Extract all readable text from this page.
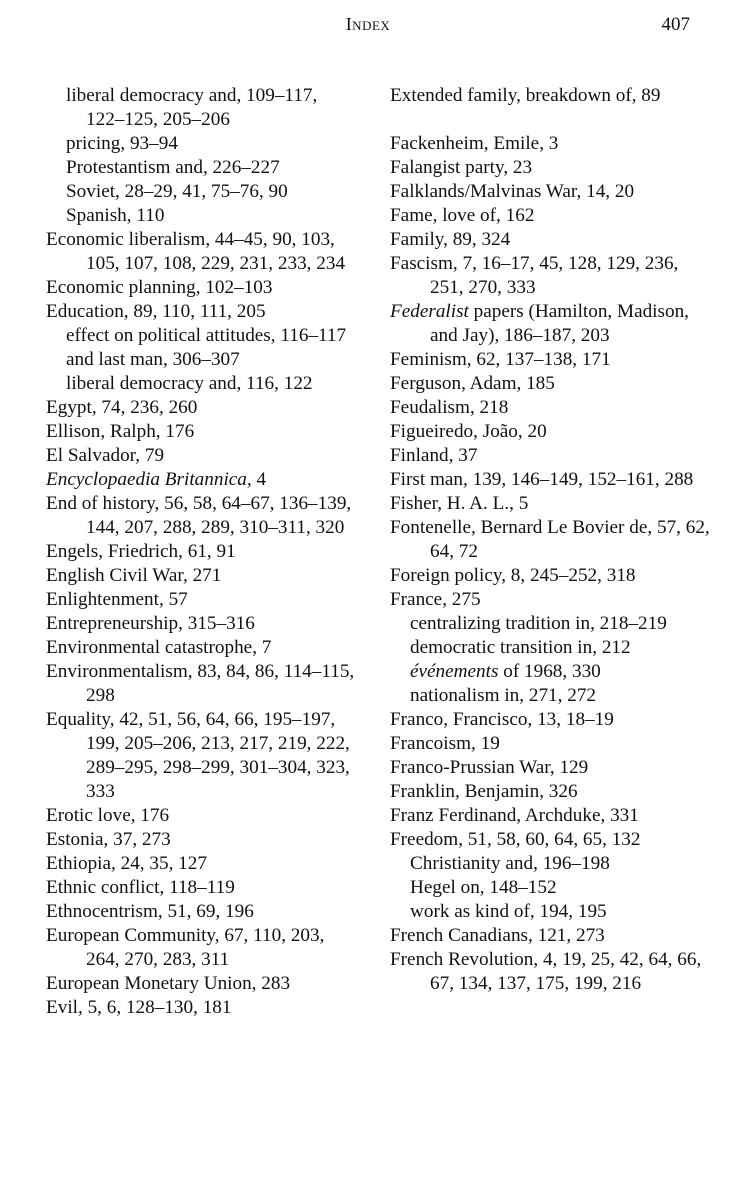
Index	407

liberal democracy and, 109–117, 122–125, 205–206

pricing, 93–94

Protestantism and, 226–227

Soviet, 28–29, 41, 75–76, 90

Spanish, 110

Economic liberalism, 44–45, 90, 103, 105, 107, 108, 229, 231, 233, 234

Economic planning, 102–103

Education, 89, 110, 111, 205

effect on political attitudes, 116–117

and last man, 306–307

liberal democracy and, 116, 122

Egypt, 74, 236, 260

Ellison, Ralph, 176

El Salvador, 79

Encyclopaedia Britannica, 4

End of history, 56, 58, 64–67, 136–139, 144, 207, 288, 289, 310–311, 320

Engels, Friedrich, 61, 91

English Civil War, 271

Enlightenment, 57

Entrepreneurship, 315–316

Environmental catastrophe, 7

Environmentalism, 83, 84, 86, 114–115, 298

Equality, 42, 51, 56, 64, 66, 195–197, 199, 205–206, 213, 217, 219, 222, 289–295, 298–299, 301–304, 323, 333

Erotic love, 176

Estonia, 37, 273

Ethiopia, 24, 35, 127

Ethnic conflict, 118–119

Ethnocentrism, 51, 69, 196

European Community, 67, 110, 203, 264, 270, 283, 311

European Monetary Union, 283

Evil, 5, 6, 128–130, 181

Extended family, breakdown of, 89

Fackenheim, Emile, 3

Falangist party, 23

Falklands/Malvinas War, 14, 20

Fame, love of, 162

Family, 89, 324

Fascism, 7, 16–17, 45, 128, 129, 236, 251, 270, 333

Federalist papers (Hamilton, Madison, and Jay), 186–187, 203

Feminism, 62, 137–138, 171

Ferguson, Adam, 185

Feudalism, 218

Figueiredo, João, 20

Finland, 37

First man, 139, 146–149, 152–161, 288

Fisher, H. A. L., 5

Fontenelle, Bernard Le Bovier de, 57, 62, 64, 72

Foreign policy, 8, 245–252, 318

France, 275

centralizing tradition in, 218–219

democratic transition in, 212

événements of 1968, 330

nationalism in, 271, 272

Franco, Francisco, 13, 18–19

Francoism, 19

Franco-Prussian War, 129

Franklin, Benjamin, 326

Franz Ferdinand, Archduke, 331

Freedom, 51, 58, 60, 64, 65, 132

Christianity and, 196–198

Hegel on, 148–152

work as kind of, 194, 195

French Canadians, 121, 273

French Revolution, 4, 19, 25, 42, 64, 66, 67, 134, 137, 175, 199, 216
